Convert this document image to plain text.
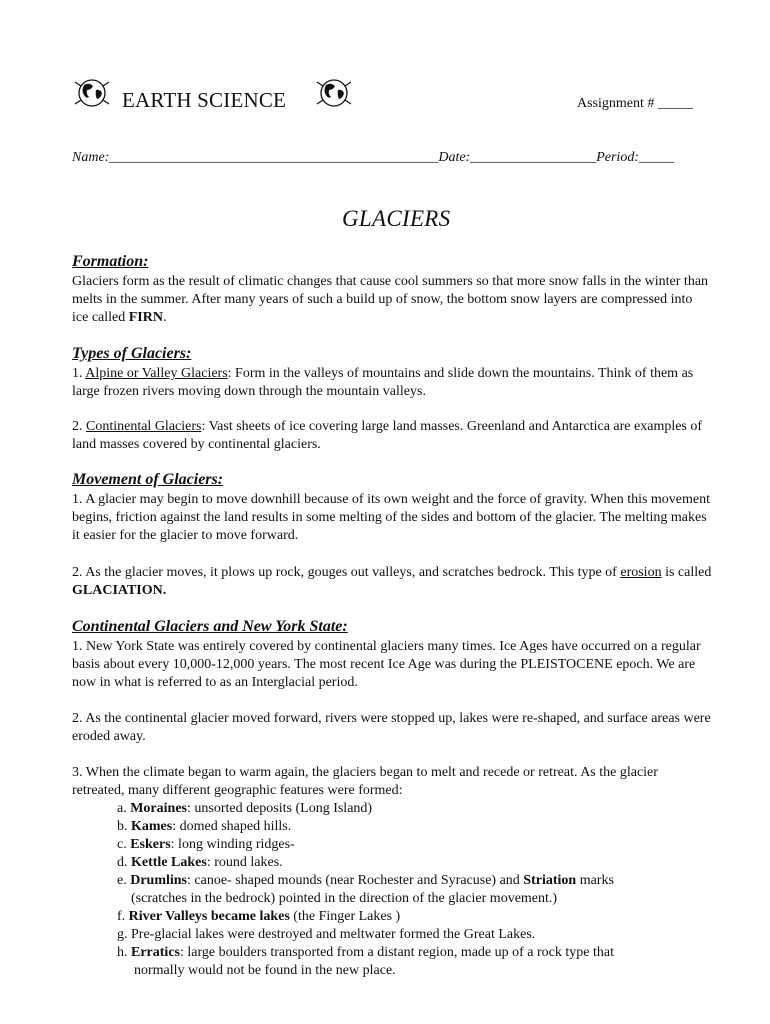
EARTH SCIENCE	Assignment # _____
Name:_______________________________________________Date:__________________Period:_____
GLACIERS
Formation:
Glaciers form as the result of climatic changes that cause cool summers so that more snow falls in the winter than melts in the summer. After many years of such a build up of snow, the bottom snow layers are compressed into ice called FIRN.
Types of Glaciers:
1. Alpine or Valley Glaciers: Form in the valleys of mountains and slide down the mountains. Think of them as large frozen rivers moving down through the mountain valleys.
2. Continental Glaciers: Vast sheets of ice covering large land masses. Greenland and Antarctica are examples of land masses covered by continental glaciers.
Movement of Glaciers:
1. A glacier may begin to move downhill because of its own weight and the force of gravity. When this movement begins, friction against the land results in some melting of the sides and bottom of the glacier. The melting makes it easier for the glacier to move forward.
2. As the glacier moves, it plows up rock, gouges out valleys, and scratches bedrock. This type of erosion is called GLACIATION.
Continental Glaciers and New York State:
1. New York State was entirely covered by continental glaciers many times. Ice Ages have occurred on a regular basis about every 10,000-12,000 years. The most recent Ice Age was during the PLEISTOCENE epoch. We are now in what is referred to as an Interglacial period.
2. As the continental glacier moved forward, rivers were stopped up, lakes were re-shaped, and surface areas were eroded away.
3. When the climate began to warm again, the glaciers began to melt and recede or retreat. As the glacier retreated, many different geographic features were formed:
a. Moraines: unsorted deposits (Long Island)
b. Kames: domed shaped hills.
c. Eskers: long winding ridges-
d. Kettle Lakes: round lakes.
e. Drumlins: canoe- shaped mounds (near Rochester and Syracuse) and Striation marks
(scratches in the bedrock) pointed in the direction of the glacier movement.)
f. River Valleys became lakes (the Finger Lakes )
g. Pre-glacial lakes were destroyed and meltwater formed the Great Lakes.
h. Erratics: large boulders transported from a distant region, made up of a rock type that
normally would not be found in the new place.
